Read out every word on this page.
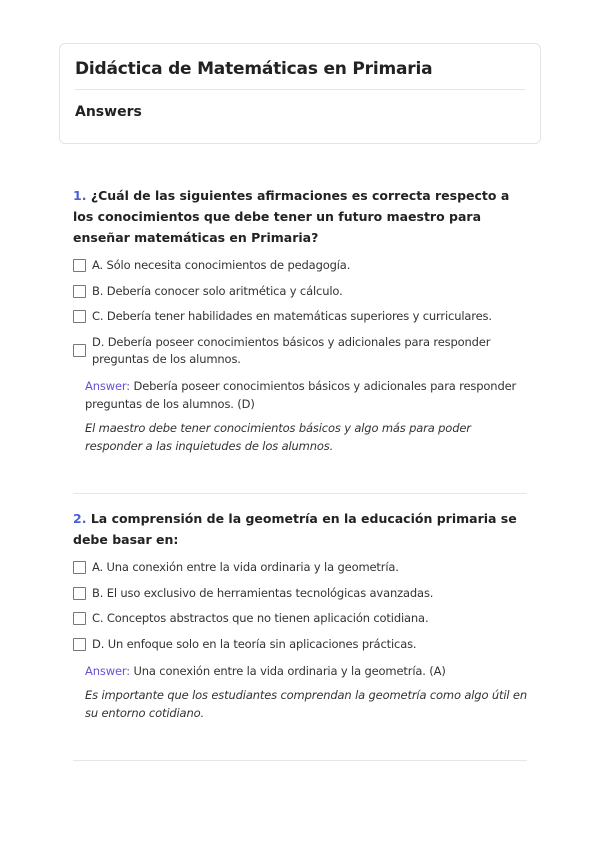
Didáctica de Matemáticas en Primaria
Answers

1. ¿Cuál de las siguientes afirmaciones es correcta respecto a los conocimientos que debe tener un futuro maestro para enseñar matemáticas en Primaria?

A. Sólo necesita conocimientos de pedagogía.
B. Debería conocer solo aritmética y cálculo.
C. Debería tener habilidades en matemáticas superiores y curriculares.
D. Debería poseer conocimientos básicos y adicionales para responder preguntas de los alumnos.
Answer: Debería poseer conocimientos básicos y adicionales para responder preguntas de los alumnos. (D)
El maestro debe tener conocimientos básicos y algo más para poder responder a las inquietudes de los alumnos.

2. La comprensión de la geometría en la educación primaria se debe basar en:

A. Una conexión entre la vida ordinaria y la geometría.
B. El uso exclusivo de herramientas tecnológicas avanzadas.
C. Conceptos abstractos que no tienen aplicación cotidiana.
D. Un enfoque solo en la teoría sin aplicaciones prácticas.
Answer: Una conexión entre la vida ordinaria y la geometría. (A)
Es importante que los estudiantes comprendan la geometría como algo útil en su entorno cotidiano.
